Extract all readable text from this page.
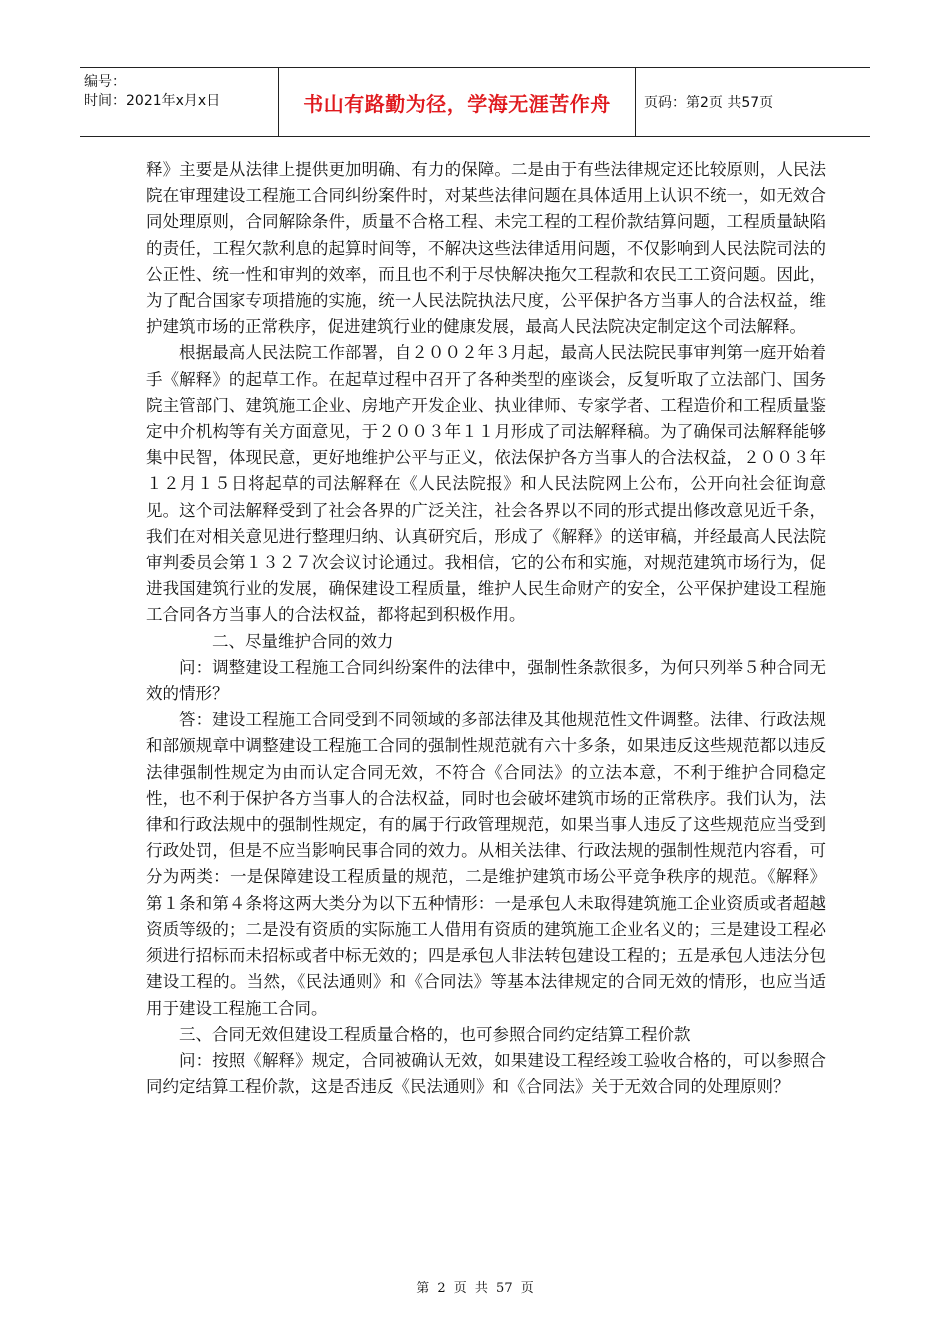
编号：
时间：2021年x月x日	书山有路勤为径，学海无涯苦作舟	页码：第2页 共57页

释》主要是从法律上提供更加明确、有力的保障。二是由于有些法律规定还比较原则，人民法院在审理建设工程施工合同纠纷案件时，对某些法律问题在具体适用上认识不统一，如无效合同处理原则，合同解除条件，质量不合格工程、未完工程的工程价款结算问题，工程质量缺陷的责任，工程欠款利息的起算时间等，不解决这些法律适用问题，不仅影响到人民法院司法的公正性、统一性和审判的效率，而且也不利于尽快解决拖欠工程款和农民工工资问题。因此，为了配合国家专项措施的实施，统一人民法院执法尺度，公平保护各方当事人的合法权益，维护建筑市场的正常秩序，促进建筑行业的健康发展，最高人民法院决定制定这个司法解释。

根据最高人民法院工作部署，自２００２年３月起，最高人民法院民事审判第一庭开始着手《解释》的起草工作。在起草过程中召开了各种类型的座谈会，反复听取了立法部门、国务院主管部门、建筑施工企业、房地产开发企业、执业律师、专家学者、工程造价和工程质量鉴定中介机构等有关方面意见，于２００３年１１月形成了司法解释稿。为了确保司法解释能够集中民智，体现民意，更好地维护公平与正义，依法保护各方当事人的合法权益，２００３年１２月１５日将起草的司法解释在《人民法院报》和人民法院网上公布，公开向社会征询意见。这个司法解释受到了社会各界的广泛关注，社会各界以不同的形式提出修改意见近千条，我们在对相关意见进行整理归纳、认真研究后，形成了《解释》的送审稿，并经最高人民法院审判委员会第１３２７次会议讨论通过。我相信，它的公布和实施，对规范建筑市场行为，促进我国建筑行业的发展，确保建设工程质量，维护人民生命财产的安全，公平保护建设工程施工合同各方当事人的合法权益，都将起到积极作用。

二、尽量维护合同的效力

问：调整建设工程施工合同纠纷案件的法律中，强制性条款很多，为何只列举５种合同无效的情形？

答：建设工程施工合同受到不同领域的多部法律及其他规范性文件调整。法律、行政法规和部颁规章中调整建设工程施工合同的强制性规范就有六十多条，如果违反这些规范都以违反法律强制性规定为由而认定合同无效，不符合《合同法》的立法本意，不利于维护合同稳定性，也不利于保护各方当事人的合法权益，同时也会破坏建筑市场的正常秩序。我们认为，法律和行政法规中的强制性规定，有的属于行政管理规范，如果当事人违反了这些规范应当受到行政处罚，但是不应当影响民事合同的效力。从相关法律、行政法规的强制性规范内容看，可分为两类：一是保障建设工程质量的规范，二是维护建筑市场公平竞争秩序的规范。《解释》第１条和第４条将这两大类分为以下五种情形：一是承包人未取得建筑施工企业资质或者超越资质等级的；二是没有资质的实际施工人借用有资质的建筑施工企业名义的；三是建设工程必须进行招标而未招标或者中标无效的；四是承包人非法转包建设工程的；五是承包人违法分包建设工程的。当然，《民法通则》和《合同法》等基本法律规定的合同无效的情形，也应当适用于建设工程施工合同。

三、合同无效但建设工程质量合格的，也可参照合同约定结算工程价款

问：按照《解释》规定，合同被确认无效，如果建设工程经竣工验收合格的，可以参照合同约定结算工程价款，这是否违反《民法通则》和《合同法》关于无效合同的处理原则？

第 2 页 共 57 页
